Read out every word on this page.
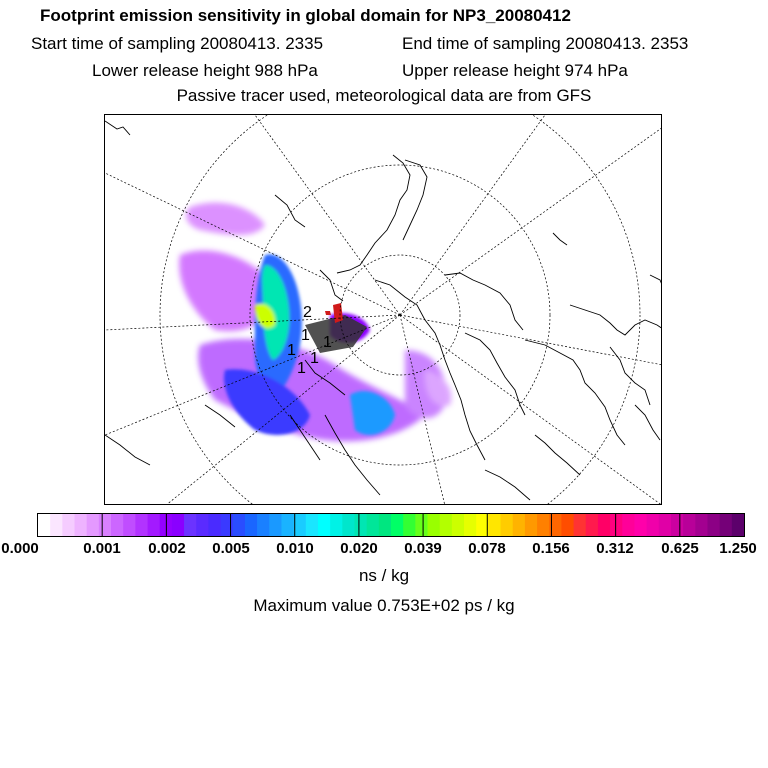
Footprint emission sensitivity in global domain for NP3_20080412
Start time of sampling 20080413. 2335	End time of sampling 20080413. 2353
Lower release height 988 hPa	Upper release height 974 hPa
Passive tracer used, meteorological data are from GFS
2
1
1 1
1
1
0.000	0.001 0.002 0.005 0.010 0.020 0.039 0.078 0.156 0.312 0.625 1.250
ns / kg
Maximum value 0.753E+02 ps / kg
